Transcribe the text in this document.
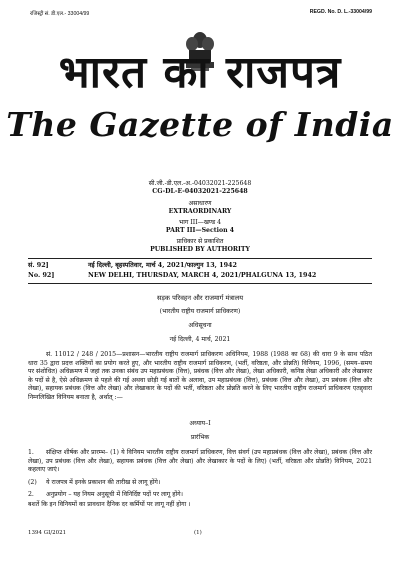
रजिस्ट्री सं. डी.एल.- 33004/99	REGD. No. D. L.-33004/99
भारत का राजपत्र
The Gazette of India
सी.जी.-डी.एल.-अ.-04032021-225648
CG-DL-E-04032021-225648
असाधारण
EXTRAORDINARY
भाग III—खण्ड 4
PART III—Section 4
प्राधिकार से प्रकाशित
PUBLISHED BY AUTHORITY
सं. 92]	नई दिल्ली, बृहस्पतिवार, मार्च 4, 2021/फाल्गुन 13, 1942
No. 92]	NEW DELHI, THURSDAY, MARCH 4, 2021/PHALGUNA 13, 1942
सड़क परिवहन और राजमार्ग मंत्रालय
(भारतीय राष्ट्रीय राजमार्ग प्राधिकरण)
अधिसूचना
नई दिल्ली, 4 मार्च, 2021
सं. 11012 / 248 / 2015—प्रशासन—भारतीय राष्ट्रीय राजमार्ग प्राधिकरण अधिनियम, 1988 (1988 का 68) की धारा 9 के साथ पठित धारा 35 द्वारा प्रदत्त शक्तियों का प्रयोग करते हुए, और भारतीय राष्ट्रीय राजमार्ग प्राधिकरण, (भर्ती, वरिष्ठता, और प्रोन्नति) विनियम, 1996, (समय–समय पर संशोधित) अधिक्रमण में जहां तक उनका संबंध उप महाप्रबंधक (वित्त), प्रबंधक (वित्त और लेखा), लेखा अधिकारी, कनिष्ठ लेखा अधिकारी और लेखाकार के पदों से है, ऐसे अधिक्रमण से पहले की गई अथवा छोड़ी गई बातों के अलावा, उप महाप्रबंधक (वित्त), प्रबंधक (वित्त और लेखा), उप प्रबंधक (वित्त और लेखा), सहायक प्रबंधक (वित्त और लेखा) और लेखाकार के पदों की भर्ती, वरिष्ठता और प्रोन्नति करने के लिए भारतीय राष्ट्रीय राजमार्ग प्राधिकरण एतद्द्वारा निम्नलिखित विनियम बनाता है, अर्थात् :—
अध्याय–I
प्रारंभिक
1. संक्षिप्त शीर्षक और प्रारम्भ– (1) ये विनियम भारतीय राष्ट्रीय राजमार्ग प्राधिकरण, वित्त संवर्ग (उप महाप्रबंधक (वित्त और लेखा), प्रबंधक (वित्त और लेखा), उप प्रबंधक (वित्त और लेखा), सहायक प्रबंधक (वित्त और लेखा) और लेखाकार के पदों के लिए) (भर्ती, वरिष्ठता और प्रोन्नति) विनियम, 2021 कहलाए जाएं।
(2) ये राजपत्र में इनके प्रकाशन की तारीख से लागू होंगे।
2. अनुप्रयोग – यह नियम अनुसूची में विनिर्दिष्ट पदों पर लागू होंगे।
बशर्ते कि इन विनियमों का प्रावधान दैनिक दर कर्मियों पर लागू नहीं होगा ।
1394 GI/2021	(1)
